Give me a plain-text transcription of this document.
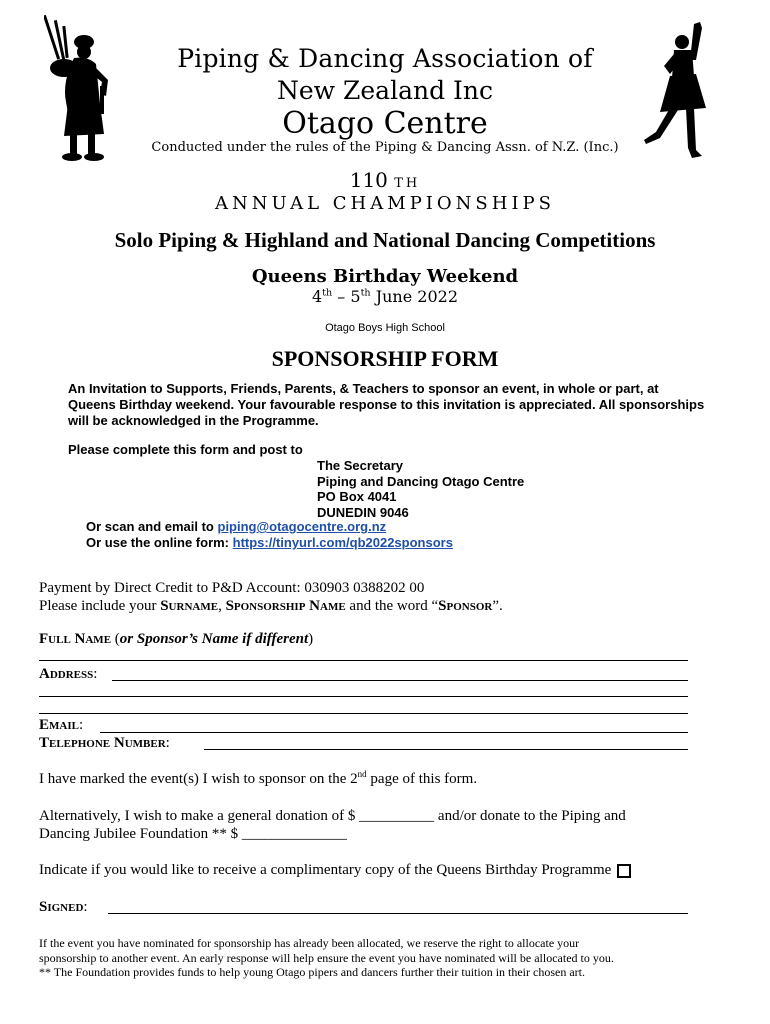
Piping & Dancing Association of
New Zealand Inc
Otago Centre
Conducted under the rules of the Piping & Dancing Assn. of N.Z. (Inc.)
110 TH
ANNUAL CHAMPIONSHIPS
Solo Piping & Highland and National Dancing Competitions
Queens Birthday Weekend
4th – 5th June 2022
Otago Boys High School
SPONSORSHIP FORM
An Invitation to Supports, Friends, Parents, & Teachers to sponsor an event, in whole or part, at Queens Birthday weekend. Your favourable response to this invitation is appreciated. All sponsorships will be acknowledged in the Programme.
Please complete this form and post to
The Secretary
Piping and Dancing Otago Centre
PO Box 4041
DUNEDIN 9046
Or scan and email to piping@otagocentre.org.nz
Or use the online form: https://tinyurl.com/qb2022sponsors
Payment by Direct Credit to P&D Account: 030903 0388202 00
Please include your Surname, Sponsorship Name and the word “Sponsor”.
Full Name (or Sponsor’s Name if different)
Address:
Email:
Telephone Number:
I have marked the event(s) I wish to sponsor on the 2nd page of this form.
Alternatively, I wish to make a general donation of $ __________ and/or donate to the Piping and
Dancing Jubilee Foundation ** $ ______________
Indicate if you would like to receive a complimentary copy of the Queens Birthday Programme
Signed:
If the event you have nominated for sponsorship has already been allocated, we reserve the right to allocate your
sponsorship to another event. An early response will help ensure the event you have nominated will be allocated to you.
** The Foundation provides funds to help young Otago pipers and dancers further their tuition in their chosen art.
